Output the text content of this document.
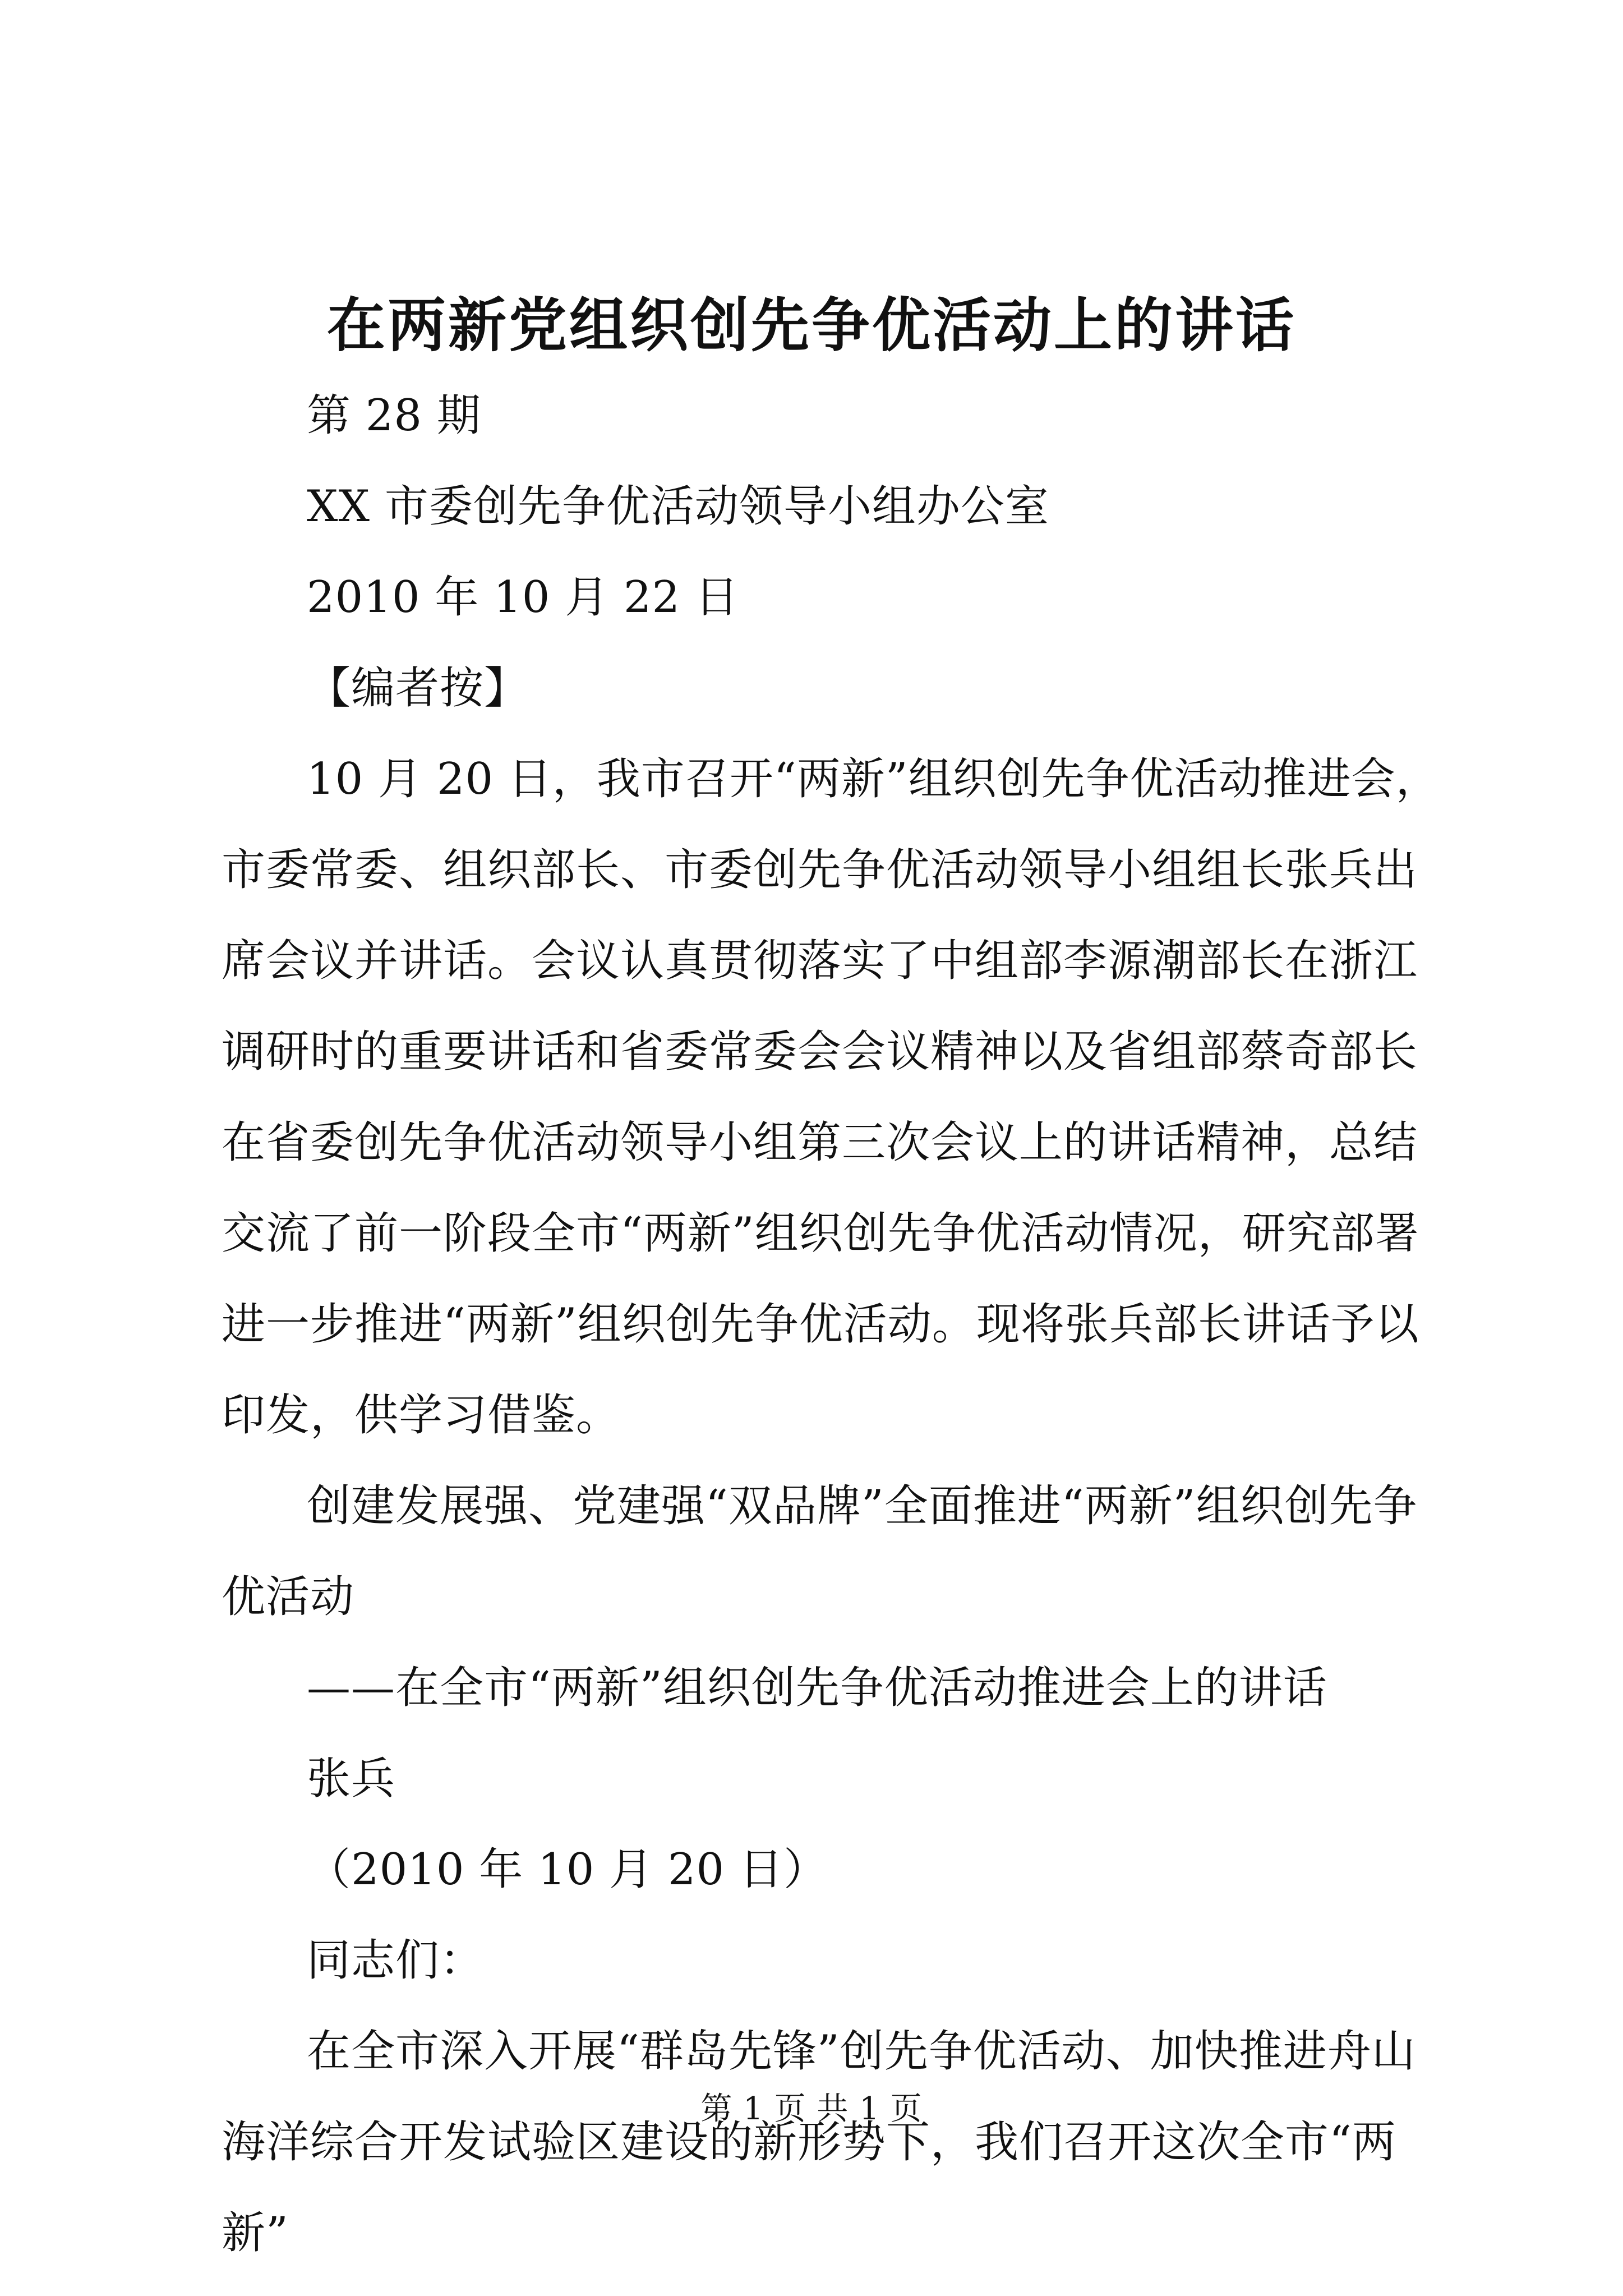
在两新党组织创先争优活动上的讲话

第 28 期

XX 市委创先争优活动领导小组办公室

2010 年 10 月 22 日

【编者按】

10 月 20 日，我市召开“两新”组织创先争优活动推进会，市委常委、组织部长、市委创先争优活动领导小组组长张兵出席会议并讲话。会议认真贯彻落实了中组部李源潮部长在浙江调研时的重要讲话和省委常委会会议精神以及省组部蔡奇部长在省委创先争优活动领导小组第三次会议上的讲话精神，总结交流了前一阶段全市“两新”组织创先争优活动情况，研究部署进一步推进“两新”组织创先争优活动。现将张兵部长讲话予以印发，供学习借鉴。

创建发展强、党建强“双品牌”全面推进“两新”组织创先争优活动

——在全市“两新”组织创先争优活动推进会上的讲话

张兵

（2010 年 10 月 20 日）

同志们：

在全市深入开展“群岛先锋”创先争优活动、加快推进舟山海洋综合开发试验区建设的新形势下，我们召开这次全市“两新”

第 1 页 共 1 页
